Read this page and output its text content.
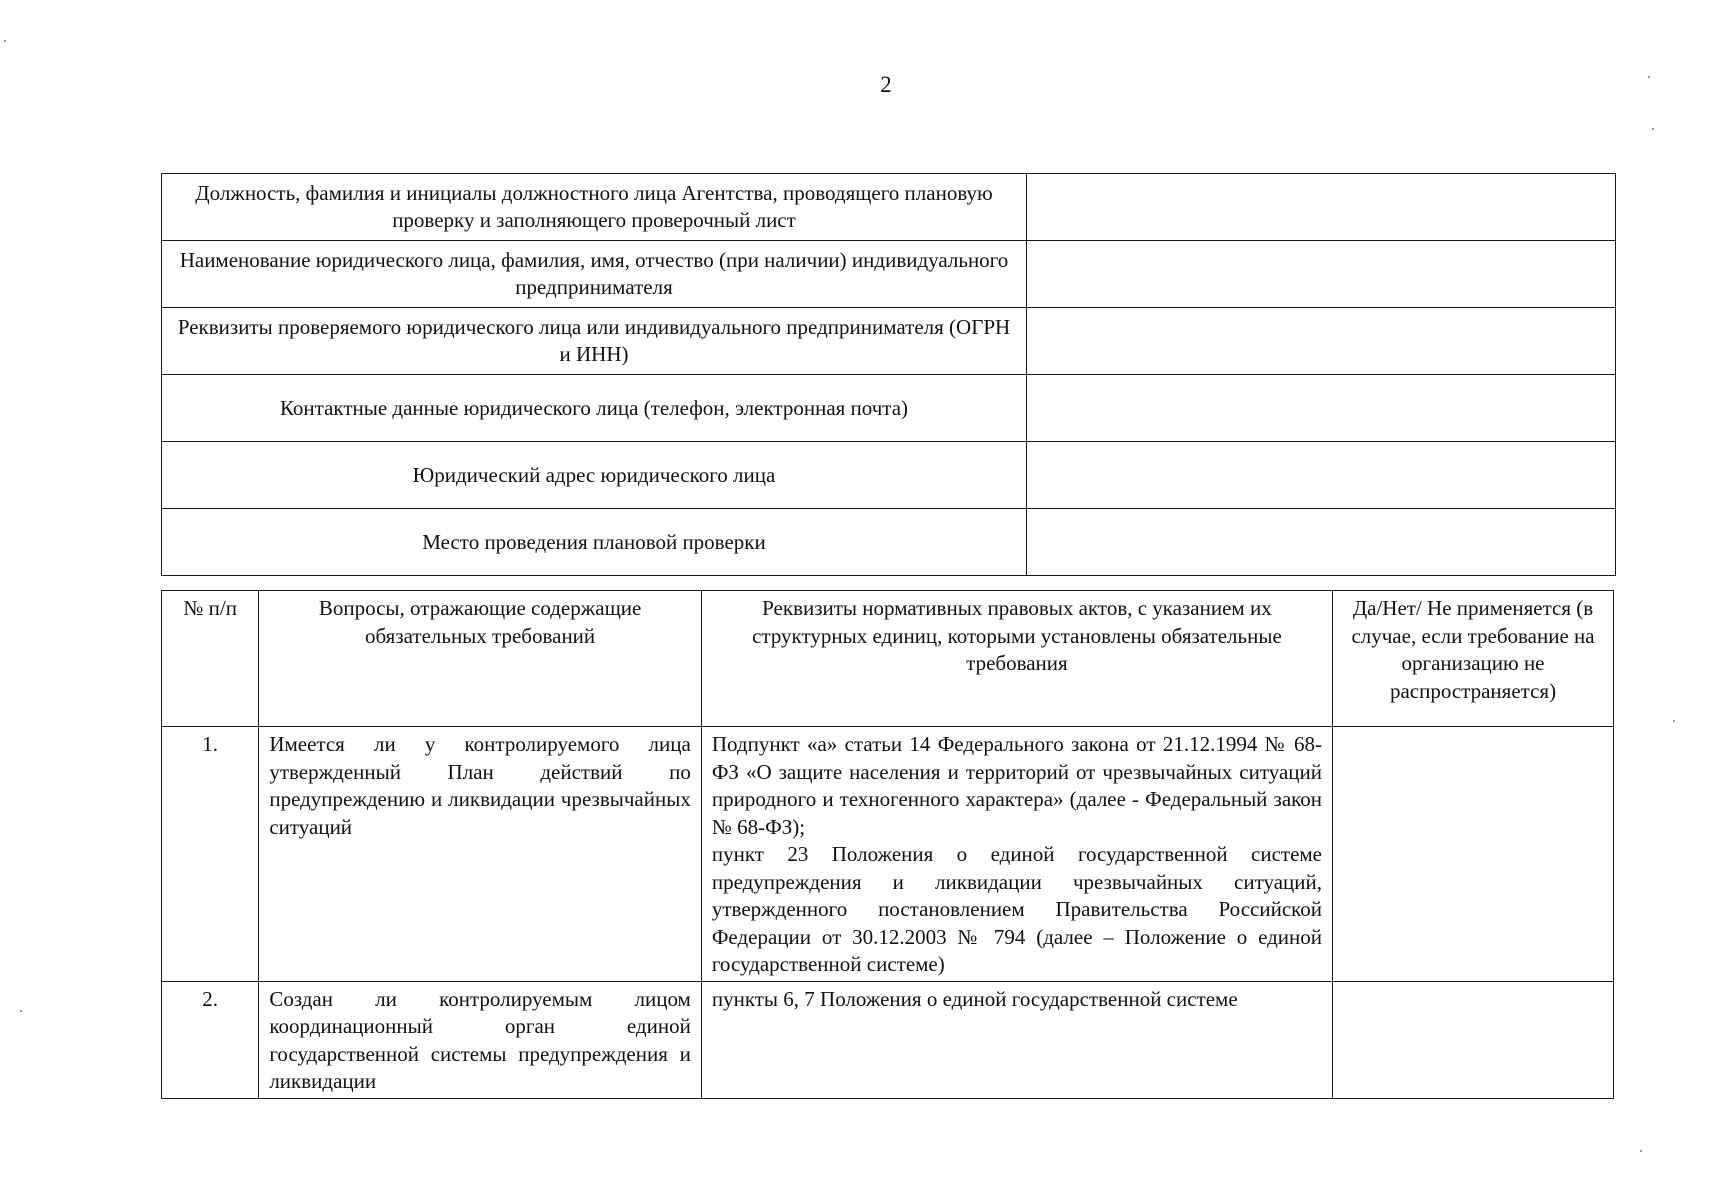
2
Должность, фамилия и инициалы должностного лица Агентства, проводящего плановую проверку и заполняющего проверочный лист	
Наименование юридического лица, фамилия, имя, отчество (при наличии) индивидуального предпринимателя	
Реквизиты проверяемого юридического лица или индивидуального предпринимателя (ОГРН и ИНН)	
Контактные данные юридического лица (телефон, электронная почта)	
Юридический адрес юридического лица	
Место проведения плановой проверки	
№ п/п	Вопросы, отражающие содержащие обязательных требований	Реквизиты нормативных правовых актов, с указанием их структурных единиц, которыми установлены обязательные требования	Да/Нет/ Не применяется (в случае, если требование на организацию не распространяется)
1.	Имеется ли у контролируемого лица утвержденный План действий по предупреждению и ликвидации чрезвычайных ситуаций	Подпункт «а» статьи 14 Федерального закона от 21.12.1994 № 68-ФЗ «О защите населения и территорий от чрезвычайных ситуаций природного и техногенного характера» (далее - Федеральный закон № 68-ФЗ);
пункт 23 Положения о единой государственной системе предупреждения и ликвидации чрезвычайных ситуаций, утвержденного постановлением Правительства Российской Федерации от 30.12.2003 № 794 (далее – Положение о единой государственной системе)	

2.	Создан ли контролируемым лицом координационный орган единой государственной системы предупреждения и ликвидации	пункты 6, 7 Положения о единой государственной системе	
